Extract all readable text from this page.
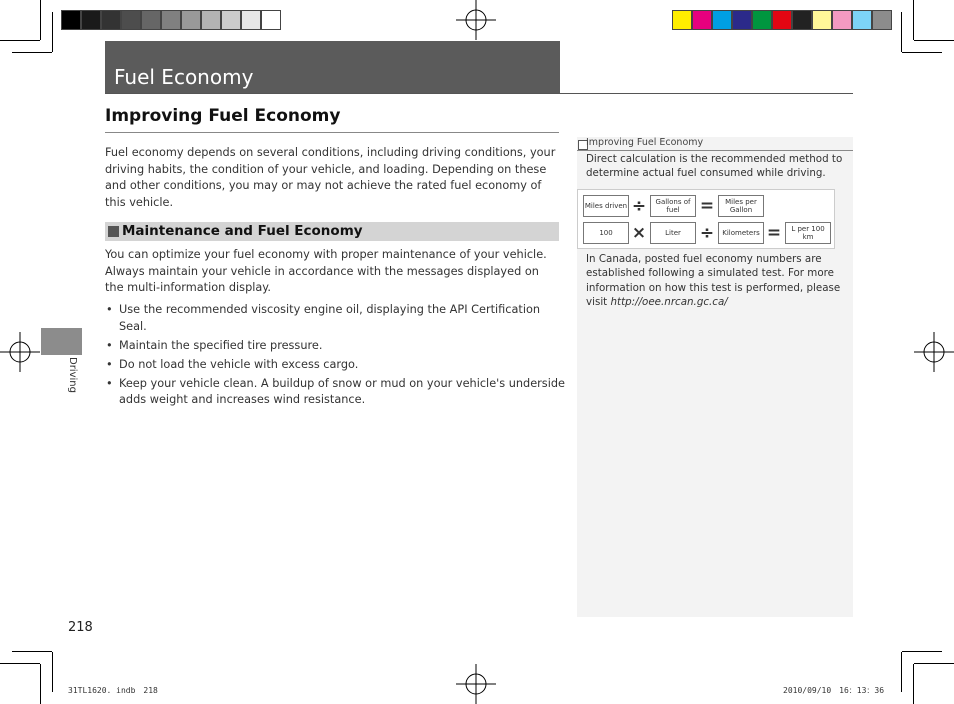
Fuel Economy
Improving Fuel Economy
Fuel economy depends on several conditions, including driving conditions, your driving habits, the condition of your vehicle, and loading. Depending on these and other conditions, you may or may not achieve the rated fuel economy of this vehicle.
Maintenance and Fuel Economy
You can optimize your fuel economy with proper maintenance of your vehicle. Always maintain your vehicle in accordance with the messages displayed on the multi-information display.
• Use the recommended viscosity engine oil, displaying the API Certification Seal.
• Maintain the specified tire pressure.
• Do not load the vehicle with excess cargo.
• Keep your vehicle clean. A buildup of snow or mud on your vehicle's underside adds weight and increases wind resistance.
Driving
218
Improving Fuel Economy
Direct calculation is the recommended method to determine actual fuel consumed while driving.
Miles driven ÷	Gallons of fuel	=	Miles per Gallon
100	×	Liter	÷	Kilometers =	L per 100 km
In Canada, posted fuel economy numbers are established following a simulated test. For more information on how this test is performed, please visit http://oee.nrcan.gc.ca/
31TL1620. indb　218	2010/09/10　16：13：36
